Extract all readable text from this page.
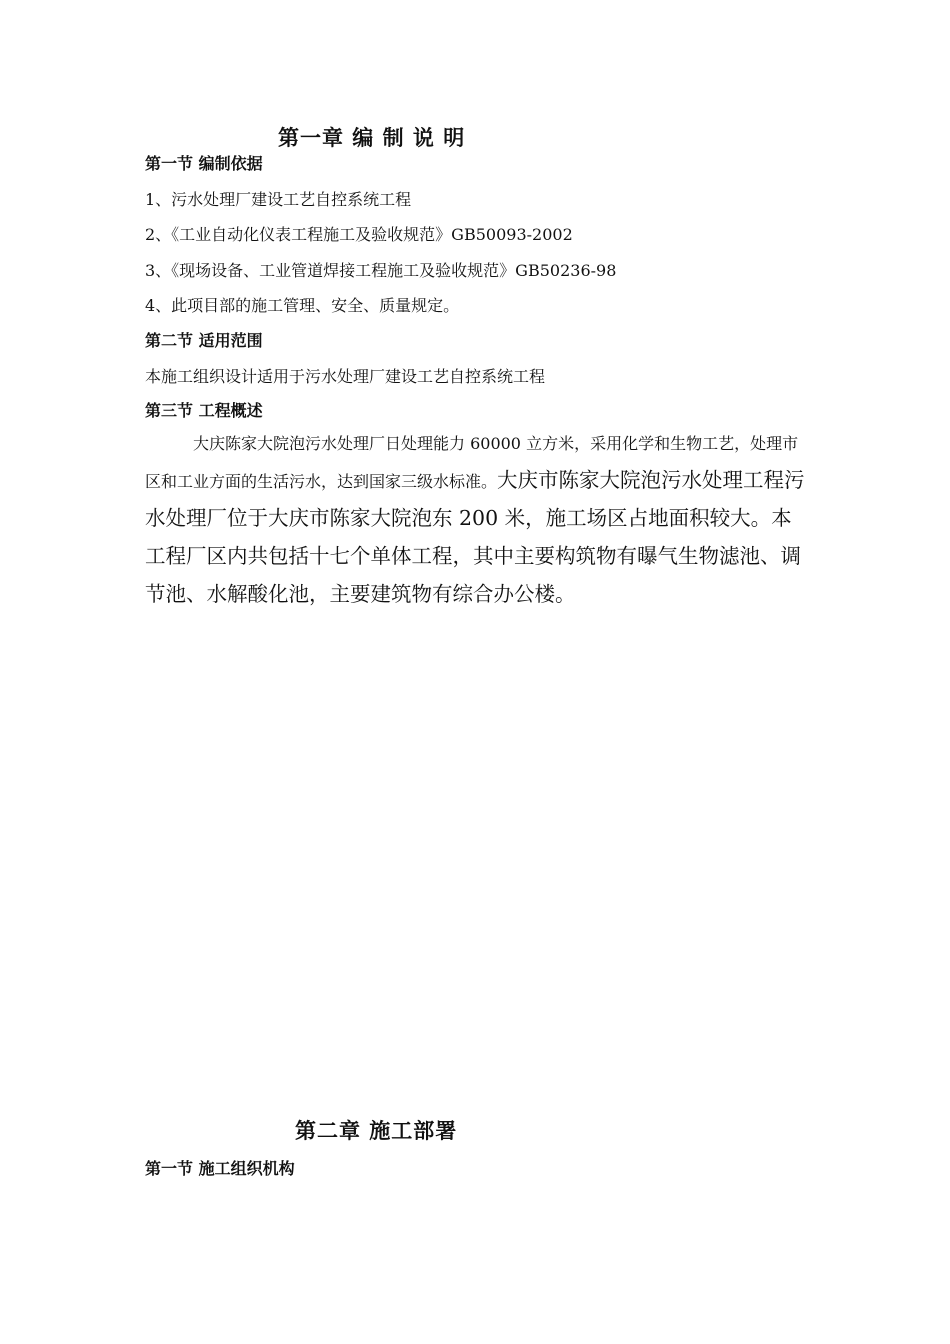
第一章 编 制 说 明
第一节 编制依据
1、污水处理厂建设工艺自控系统工程
2、《工业自动化仪表工程施工及验收规范》GB50093-2002
3、《现场设备、工业管道焊接工程施工及验收规范》GB50236-98
4、此项目部的施工管理、安全、质量规定。
第二节 适用范围
本施工组织设计适用于污水处理厂建设工艺自控系统工程
第三节 工程概述
大庆陈家大院泡污水处理厂日处理能力 60000 立方米，采用化学和生物工艺，处理市区和工业方面的生活污水，达到国家三级水标准。大庆市陈家大院泡污水处理工程污水处理厂位于大庆市陈家大院泡东 200 米，施工场区占地面积较大。本工程厂区内共包括十七个单体工程，其中主要构筑物有曝气生物滤池、调节池、水解酸化池，主要建筑物有综合办公楼。
第二章 施工部署
第一节 施工组织机构
